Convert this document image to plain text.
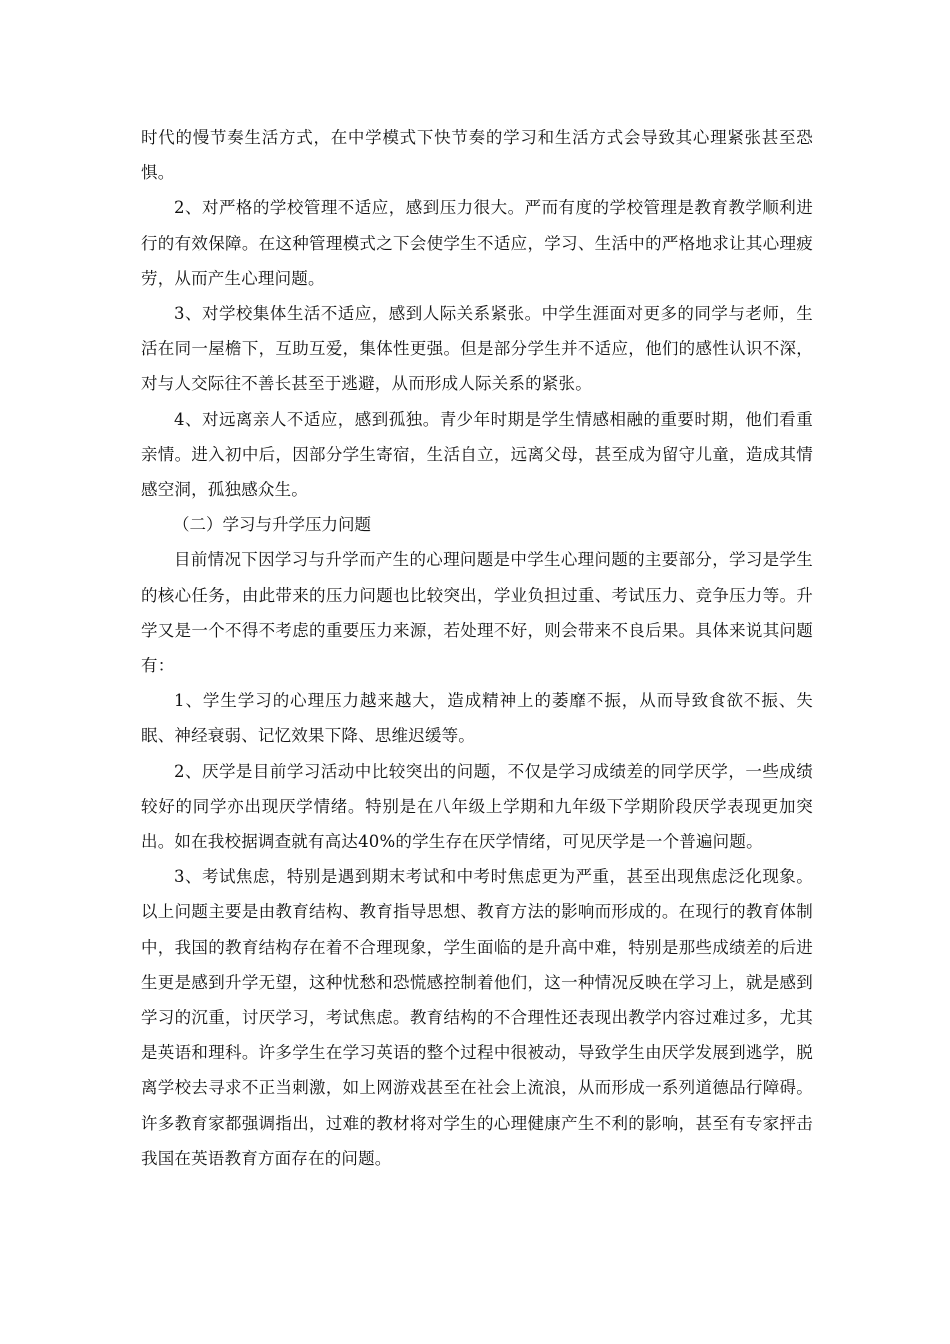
时代的慢节奏生活方式，在中学模式下快节奏的学习和生活方式会导致其心理紧张甚至恐惧。

2、对严格的学校管理不适应，感到压力很大。严而有度的学校管理是教育教学顺利进行的有效保障。在这种管理模式之下会使学生不适应，学习、生活中的严格地求让其心理疲劳，从而产生心理问题。

3、对学校集体生活不适应，感到人际关系紧张。中学生涯面对更多的同学与老师，生活在同一屋檐下，互助互爱，集体性更强。但是部分学生并不适应，他们的感性认识不深，对与人交际往不善长甚至于逃避，从而形成人际关系的紧张。

4、对远离亲人不适应，感到孤独。青少年时期是学生情感相融的重要时期，他们看重亲情。进入初中后，因部分学生寄宿，生活自立，远离父母，甚至成为留守儿童，造成其情感空洞，孤独感众生。

（二）学习与升学压力问题

目前情况下因学习与升学而产生的心理问题是中学生心理问题的主要部分，学习是学生的核心任务，由此带来的压力问题也比较突出，学业负担过重、考试压力、竞争压力等。升学又是一个不得不考虑的重要压力来源，若处理不好，则会带来不良后果。具体来说其问题有：

1、学生学习的心理压力越来越大，造成精神上的萎靡不振，从而导致食欲不振、失眠、神经衰弱、记忆效果下降、思维迟缓等。

2、厌学是目前学习活动中比较突出的问题，不仅是学习成绩差的同学厌学，一些成绩较好的同学亦出现厌学情绪。特别是在八年级上学期和九年级下学期阶段厌学表现更加突出。如在我校据调查就有高达40%的学生存在厌学情绪，可见厌学是一个普遍问题。

3、考试焦虑，特别是遇到期末考试和中考时焦虑更为严重，甚至出现焦虑泛化现象。以上问题主要是由教育结构、教育指导思想、教育方法的影响而形成的。在现行的教育体制中，我国的教育结构存在着不合理现象，学生面临的是升高中难，特别是那些成绩差的后进生更是感到升学无望，这种忧愁和恐慌感控制着他们，这一种情况反映在学习上，就是感到学习的沉重，讨厌学习，考试焦虑。教育结构的不合理性还表现出教学内容过难过多，尤其是英语和理科。许多学生在学习英语的整个过程中很被动，导致学生由厌学发展到逃学，脱离学校去寻求不正当刺激，如上网游戏甚至在社会上流浪，从而形成一系列道德品行障碍。许多教育家都强调指出，过难的教材将对学生的心理健康产生不利的影响，甚至有专家抨击我国在英语教育方面存在的问题。
